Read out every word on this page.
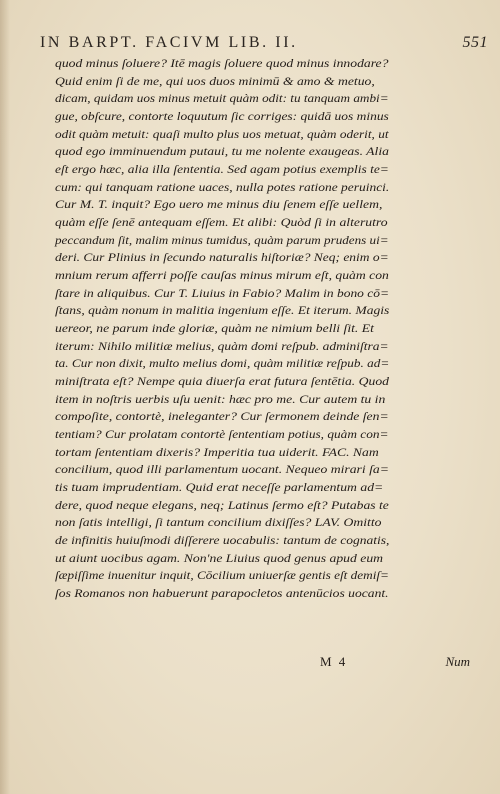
IN BARPT. FACIVM LIB. II.	551
quod minus ſoluere? Itē magis ſoluere quod minus innodare?
Quid enim ſi de me, qui uos duos minimū & amo & metuo,
dicam, quidam uos minus metuit quàm odit: tu tanquam ambi=
gue, obſcure, contorte loquutum ſic corriges: quidā uos minus
odit quàm metuit: quaſi multo plus uos metuat, quàm oderit, ut
quod ego imminuendum putaui, tu me nolente exaugeas. Alia
eſt ergo hæc, alia illa ſententia. Sed agam potius exemplis te=
cum: qui tanquam ratione uaces, nulla potes ratione peruinci.
Cur M. T. inquit? Ego uero me minus diu ſenem eſſe uellem,
quàm eſſe ſenē antequam eſſem. Et alibi: Quòd ſi in alterutro
peccandum ſit, malim minus tumidus, quàm parum prudens ui=
deri. Cur Plinius in ſecundo naturalis hiſtoriæ? Neq; enim o=
mnium rerum afferri poſſe cauſas minus mirum eſt, quàm con
ſtare in aliquibus. Cur T. Liuius in Fabio? Malim in bono cō=
ſtans, quàm nonum in malitia ingenium eſſe. Et iterum. Magis
uereor, ne parum inde gloriæ, quàm ne nimium belli ſit. Et
iterum: Nihilo militiæ melius, quàm domi reſpub. adminiſtra=
ta. Cur non dixit, multo melius domi, quàm militiæ reſpub. ad=
miniſtrata eſt? Nempe quia diuerſa erat futura ſentētia. Quod
item in noſtris uerbis uſu uenit: hæc pro me. Cur autem tu in
compoſite, contortè, ineleganter? Cur ſermonem deinde ſen=
tentiam? Cur prolatam contortè ſententiam potius, quàm con=
tortam ſententiam dixeris? Imperitia tua uiderit. FAC. Nam
concilium, quod illi parlamentum uocant. Nequeo mirari ſa=
tis tuam imprudentiam. Quid erat neceſſe parlamentum ad=
dere, quod neque elegans, neq; Latinus ſermo eſt? Putabas te
non ſatis intelligi, ſi tantum concilium dixiſſes? LAV. Omitto
de infinitis huiuſmodi diſſerere uocabulis: tantum de cognatis,
ut aiunt uocibus agam. Non'ne Liuius quod genus apud eum
ſæpiſſime inuenitur inquit, Cōcilium uniuerſæ gentis eſt demiſ=
ſos Romanos non habuerunt parapocletos antenūcios uocant.
M 4	Num
